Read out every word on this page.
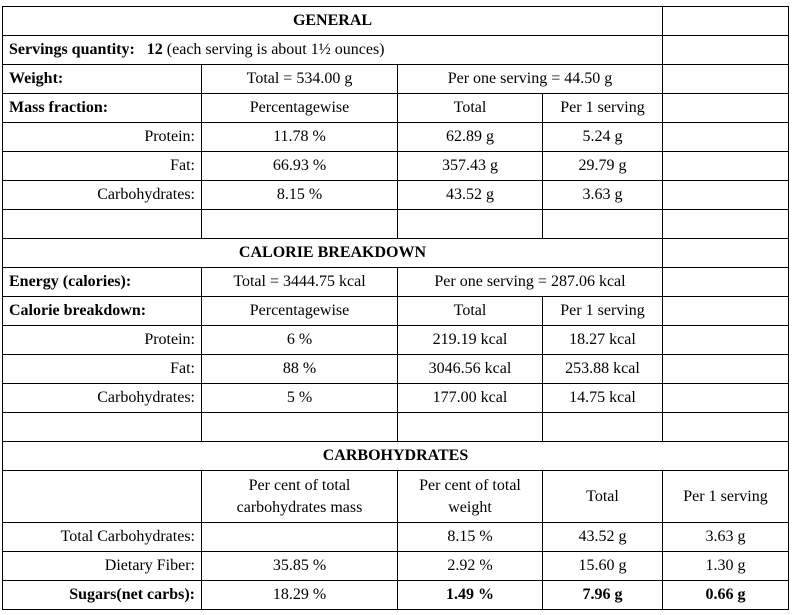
GENERAL				
Servings quantity: 12 (each serving is about 1½ ounces)				
Weight:	Total = 534.00 g	Per one serving = 44.50 g		
Mass fraction:	Percentagewise	Total	Per 1 serving	
Protein:	11.78 %	62.89 g	5.24 g	
Fat:	66.93 %	357.43 g	29.79 g	
Carbohydrates:	8.15 %	43.52 g	3.63 g	

CALORIE BREAKDOWN				
Energy (calories):	Total = 3444.75 kcal	Per one serving = 287.06 kcal		
Calorie breakdown:	Percentagewise	Total	Per 1 serving	
Protein:	6 %	219.19 kcal	18.27 kcal	
Fat:	88 %	3046.56 kcal	253.88 kcal	
Carbohydrates:	5 %	177.00 kcal	14.75 kcal	

CARBOHYDRATES				
	Per cent of total carbohydrates mass	Per cent of total weight	Total	Per 1 serving
Total Carbohydrates:		8.15 %	43.52 g	3.63 g
Dietary Fiber:	35.85 %	2.92 %	15.60 g	1.30 g
Sugars(net carbs):	18.29 %	1.49 %	7.96 g	0.66 g
